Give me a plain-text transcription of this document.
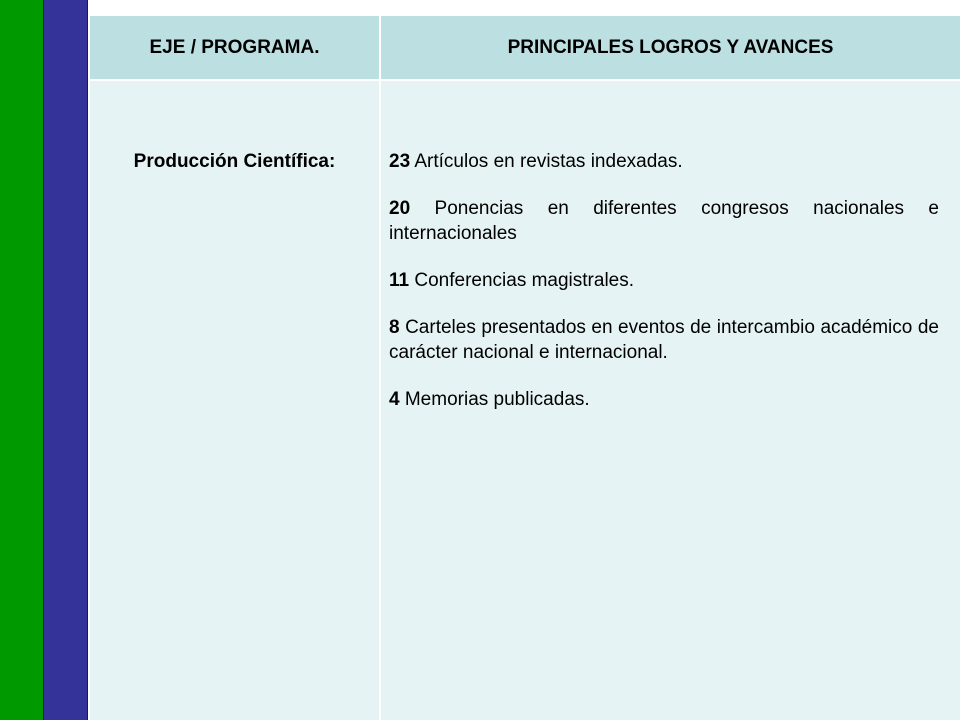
EJE / PROGRAMA.	PRINCIPALES LOGROS Y AVANCES
Producción Científica:	23 Artículos en revistas indexadas.
20 Ponencias en diferentes congresos nacionales e internacionales
11 Conferencias magistrales.
8 Carteles presentados en eventos de intercambio académico de carácter nacional e internacional.
4 Memorias publicadas.
